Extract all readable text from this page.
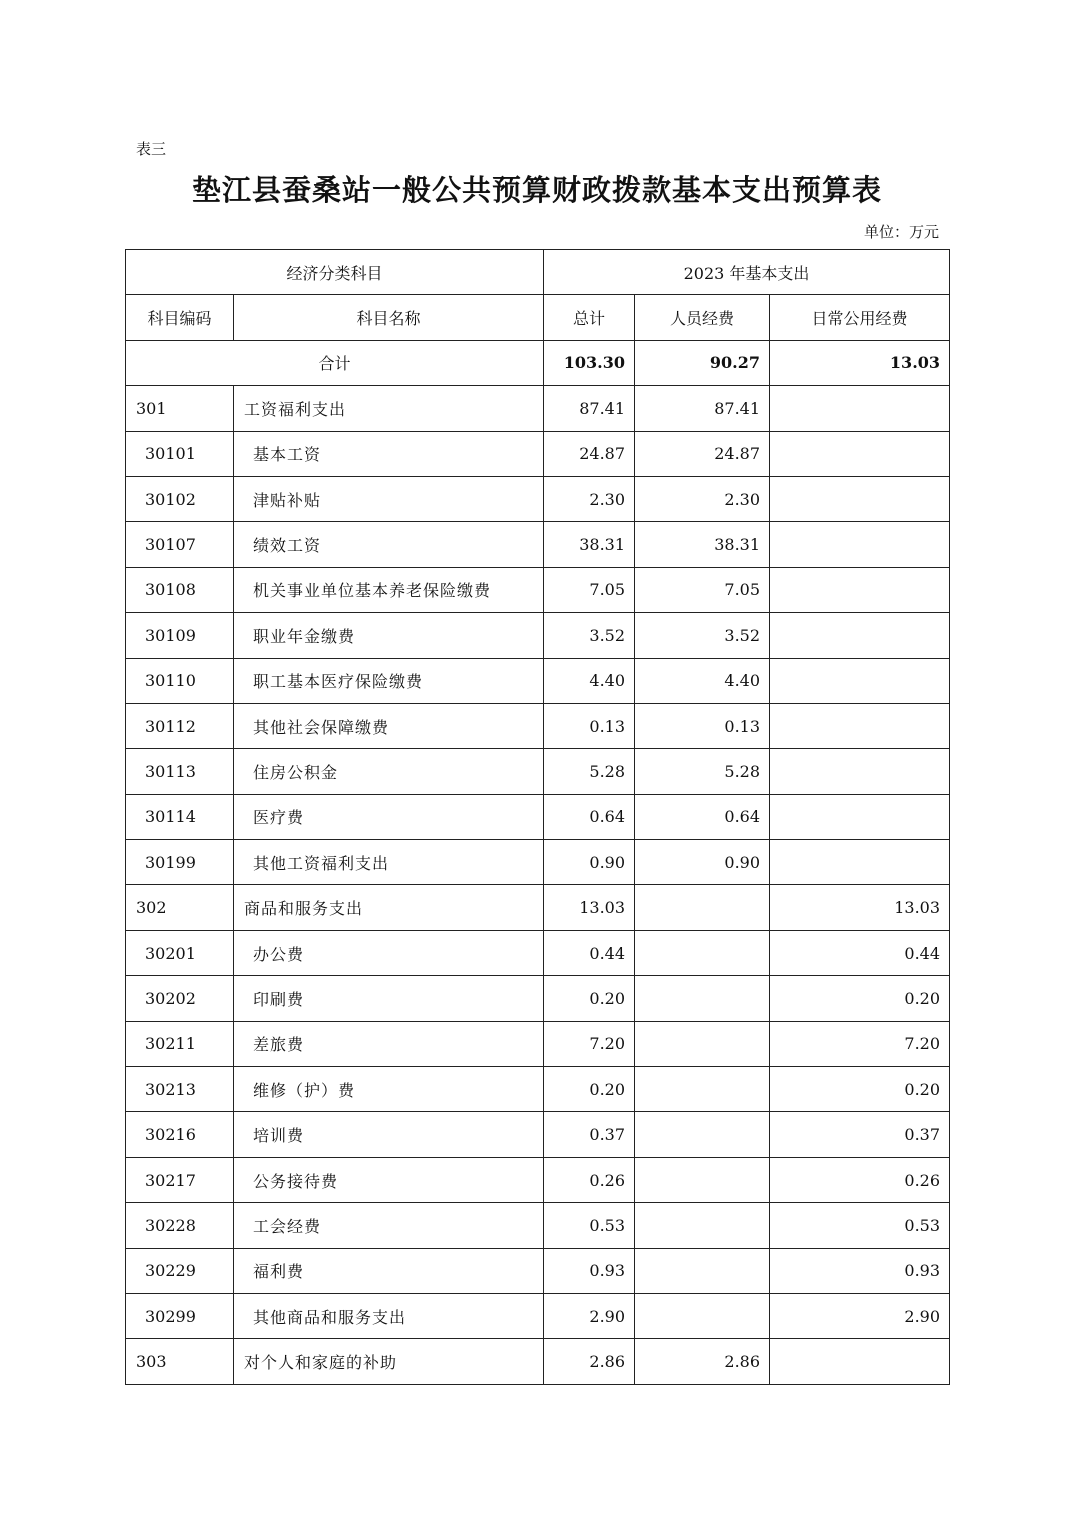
表三
垫江县蚕桑站一般公共预算财政拨款基本支出预算表
单位：万元
经济分类科目		2023 年基本支出		
科目编码	科目名称	总计	人员经费	日常公用经费
合计		103.30	90.27	13.03
301	工资福利支出	87.41	87.41	
30101	基本工资	24.87	24.87	
30102	津贴补贴	2.30	2.30	
30107	绩效工资	38.31	38.31	
30108	机关事业单位基本养老保险缴费	7.05	7.05	
30109	职业年金缴费	3.52	3.52	
30110	职工基本医疗保险缴费	4.40	4.40	
30112	其他社会保障缴费	0.13	0.13	
30113	住房公积金	5.28	5.28	
30114	医疗费	0.64	0.64	
30199	其他工资福利支出	0.90	0.90	
302	商品和服务支出	13.03		13.03
30201	办公费	0.44		0.44
30202	印刷费	0.20		0.20
30211	差旅费	7.20		7.20
30213	维修（护）费	0.20		0.20
30216	培训费	0.37		0.37
30217	公务接待费	0.26		0.26
30228	工会经费	0.53		0.53
30229	福利费	0.93		0.93
30299	其他商品和服务支出	2.90		2.90
303	对个人和家庭的补助	2.86	2.86	
